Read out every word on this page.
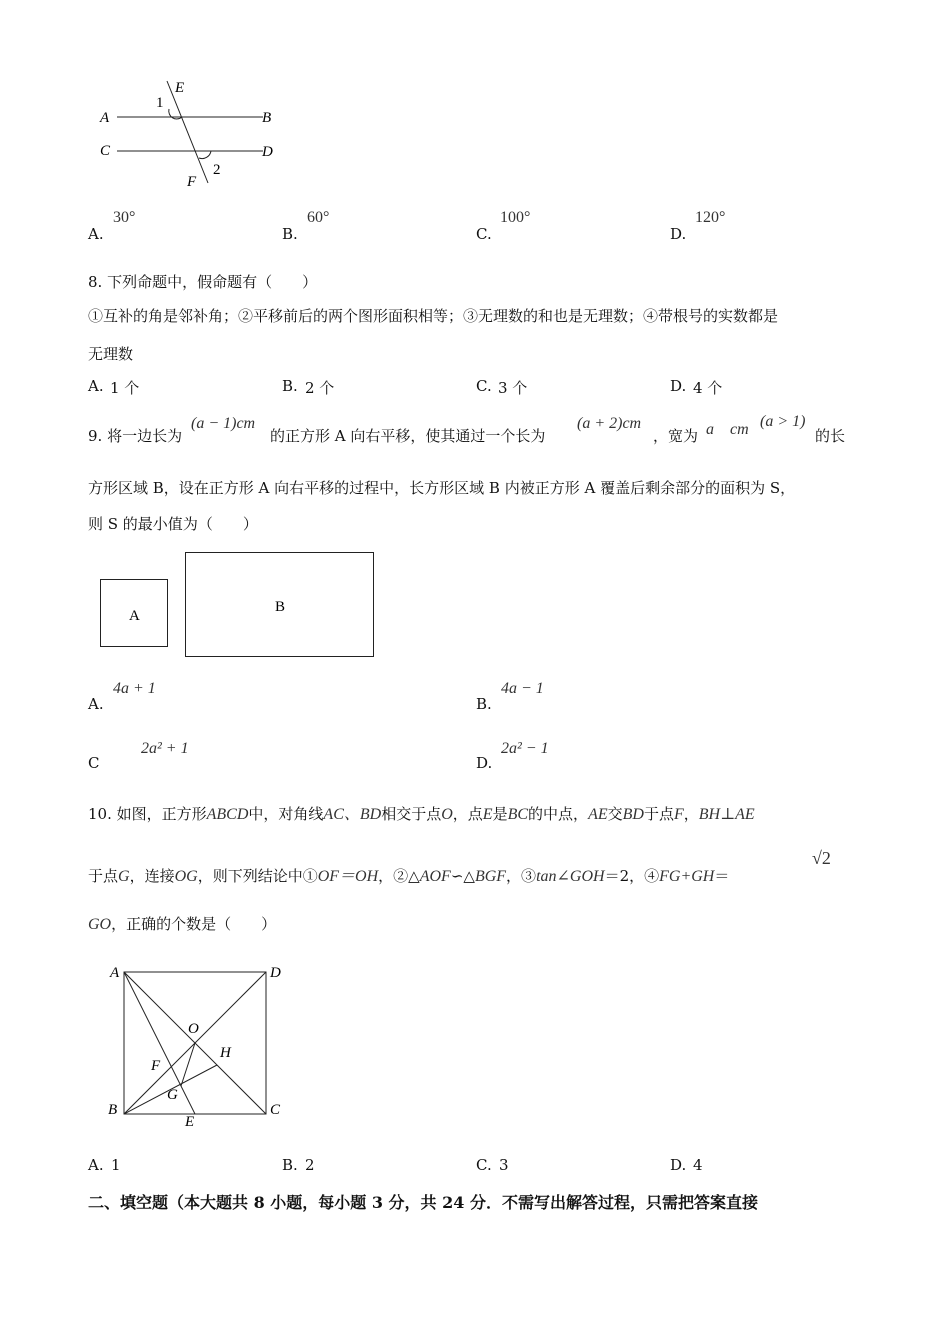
A	B
C	D
E
F
1
2
A.
30°
B.
60°
C.
100°
D.
120°
8. 下列命题中，假命题有（　　）
①互补的角是邻补角；②平移前后的两个图形面积相等；③无理数的和也是无理数；④带根号的实数都是
无理数
A. 1 个	B. 2 个	C. 3 个	D. 4 个
9. 将一边长为
(a − 1)cm
的正方形 A 向右平移，使其通过一个长为
(a + 2)cm
，宽为 a cm (a > 1)
的长
方形区域 B，设在正方形 A 向右平移的过程中，长方形区域 B 内被正方形 A 覆盖后剩余部分的面积为 S，
则 S 的最小值为（　　）
A
B
A.
4a + 1
B.
4a − 1
C
2a² + 1
D.
2a² − 1
10. 如图，正方形ABCD中，对角线AC、BD相交于点O，点E是BC的中点，AE交BD于点F，BH⊥AE
于点G，连接OG，则下列结论中①OF＝OH，②△AOF∽△BGF，③tan∠GOH＝2，④FG+GH＝
√2
GO，正确的个数是（　　）
A	D
B	C
O
H
F
G
E
A. 1	B. 2	C. 3	D. 4
二、填空题（本大题共 8 小题，每小题 3 分，共 24 分．不需写出解答过程，只需把答案直接
